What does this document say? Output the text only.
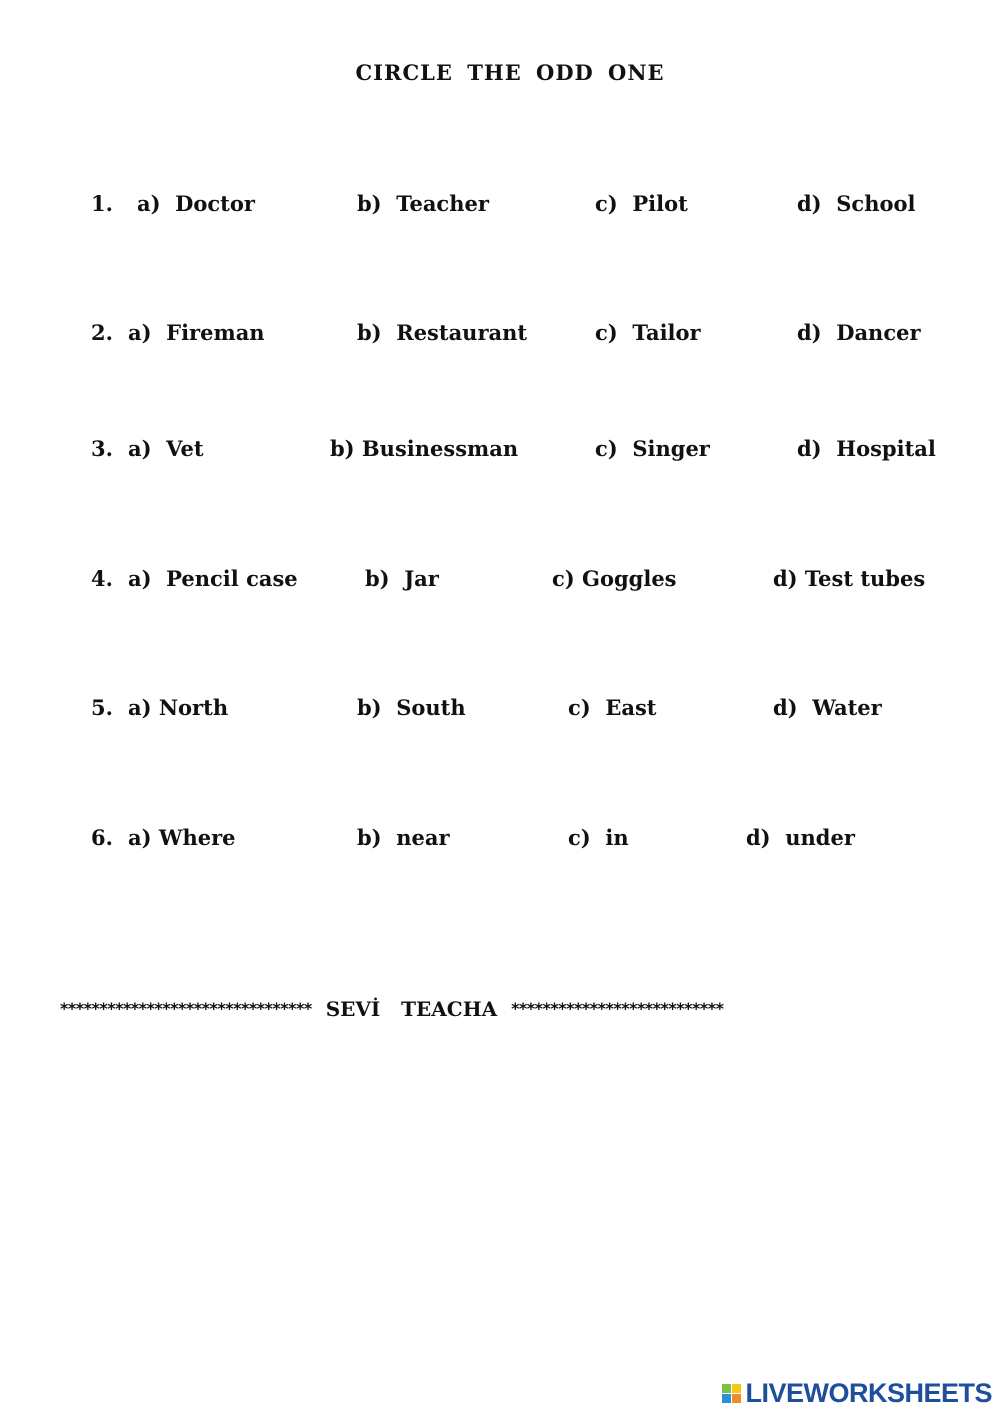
CIRCLE THE ODD ONE
1. a)  Doctor	b)  Teacher	c)  Pilot	d)  School
2. a)  Fireman	b)  Restaurant	c)  Tailor	d)  Dancer
3. a)  Vet	b) Businessman	c)  Singer	d)  Hospital
4. a)  Pencil case	b)  Jar	c) Goggles	d) Test tubes
5. a) North	b)  South	c)  East	d)  Water
6. a) Where	b)  near	c)  in	d)  under
******************************** SEVİ   TEACHA ***************************
LIVEWORKSHEETS
